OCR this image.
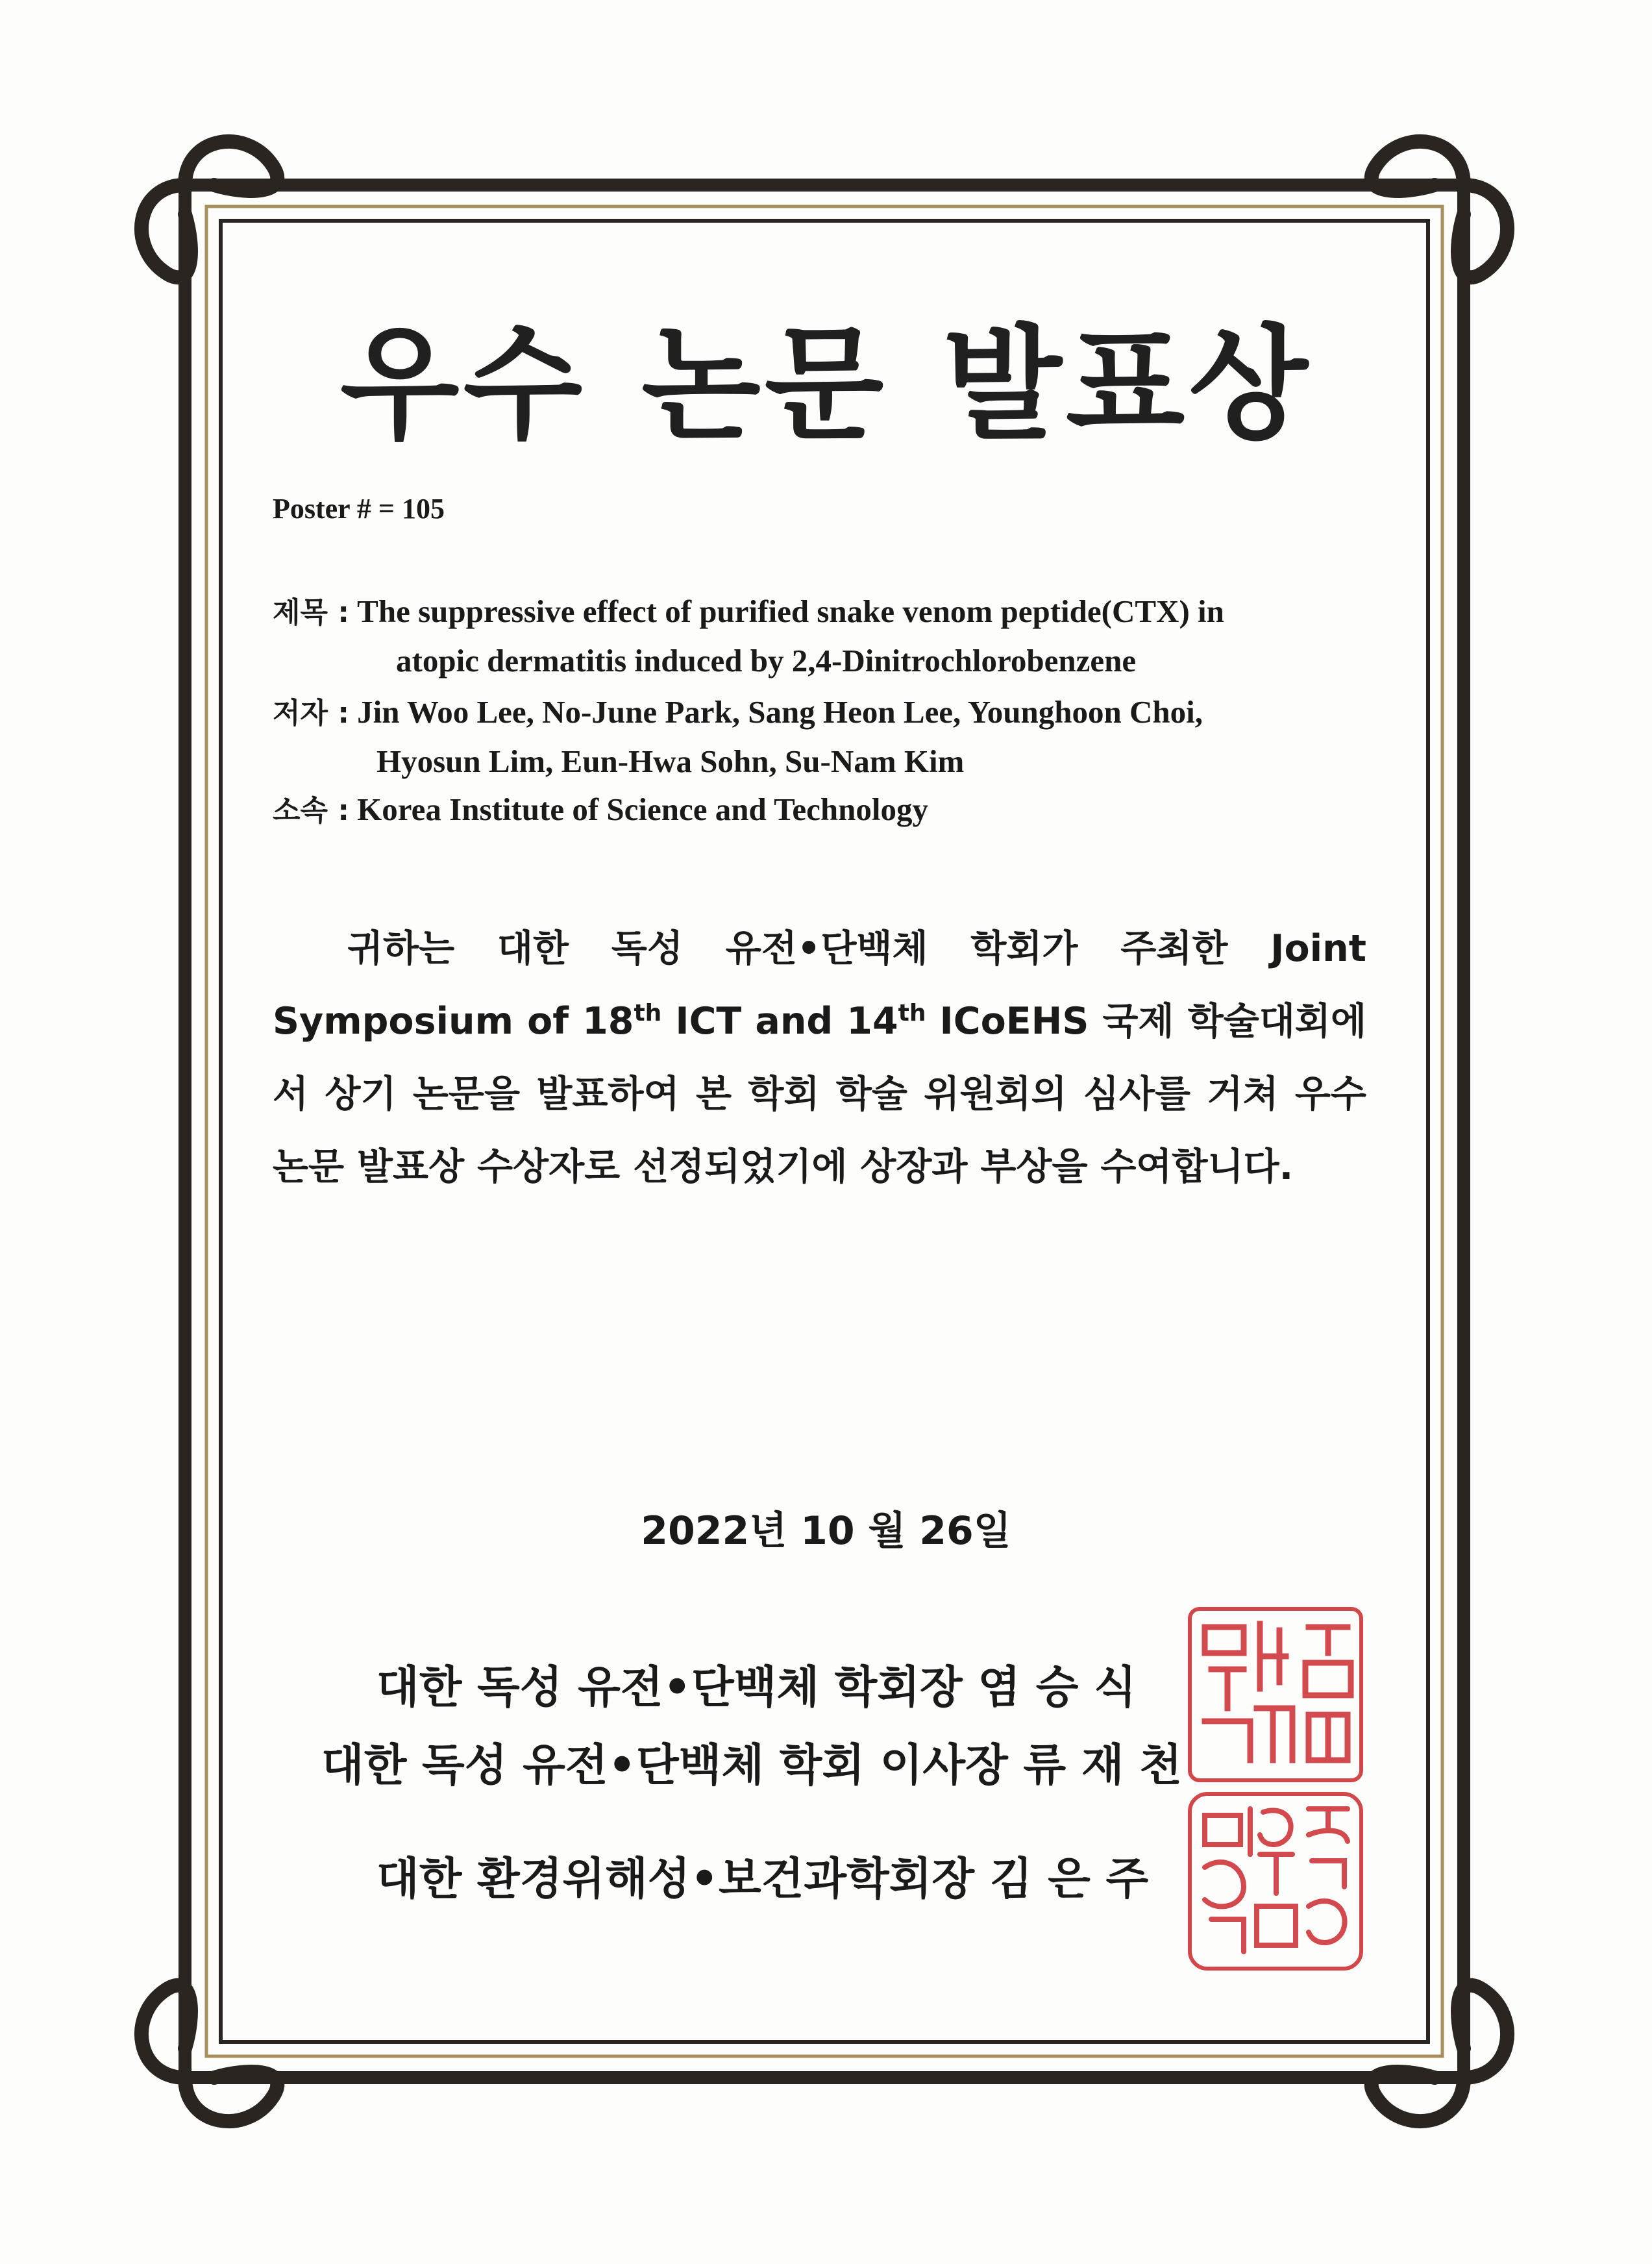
우수 논문 발표상
Poster # = 105
제목 : The suppressive effect of purified snake venom peptide(CTX) in
atopic dermatitis induced by 2,4-Dinitrochlorobenzene
저자 : Jin Woo Lee, No-June Park, Sang Heon Lee, Younghoon Choi,
Hyosun Lim, Eun-Hwa Sohn, Su-Nam Kim
소속 : Korea Institute of Science and Technology
귀하는 대한 독성 유전•단백체 학회가 주최한 Joint Symposium of 18th ICT and 14th ICoEHS 국제 학술대회에서 상기 논문을 발표하여 본 학회 학술 위원회의 심사를 거쳐 우수 논문 발표상 수상자로 선정되었기에 상장과 부상을 수여합니다.
2022년 10 월 26일
대한 독성 유전•단백체 학회장 염 승 식
대한 독성 유전•단백체 학회 이사장 류 재 천
대한 환경위해성•보건과학회장 김 은 주
